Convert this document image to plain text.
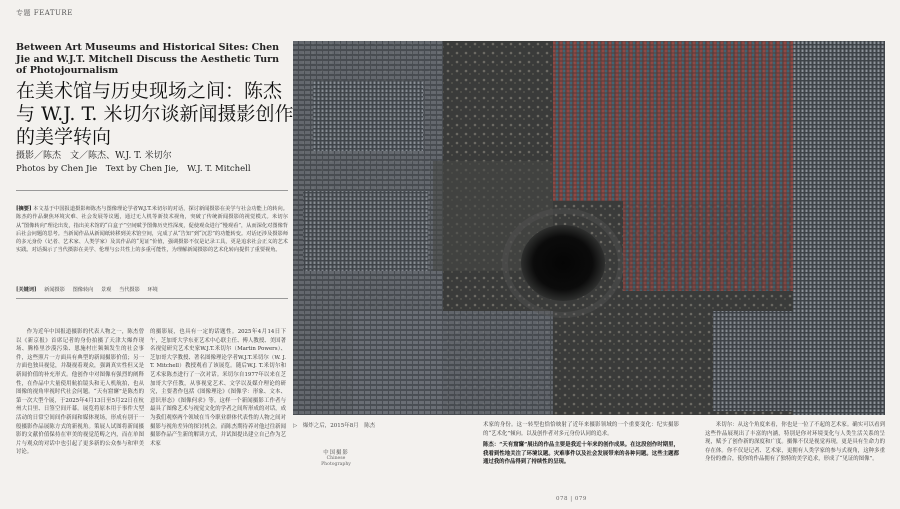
专题 FEATURE
Between Art Museums and Historical Sites: Chen Jie and W.J.T. Mitchell Discuss the Aesthetic Turn of Photojournalism
在美术馆与历史现场之间：陈杰与 W.J. T. 米切尔谈新闻摄影创作的美学转向
摄影／陈杰　文／陈杰、W.J. T. 米切尔
Photos by Chen Jie　Text by Chen Jie,　W.J. T. Mitchell
[摘要] 本文基于中国报道摄影师陈杰与图像理论学者W.J.T.米切尔的对话，探讨新闻摄影在美学与社会功能上的转向。陈杰的作品聚焦环境灾难、社会发展等议题，通过无人机等新技术视角，突破了传统新闻摄影的视觉模式。米切尔从“图像转向”理论出发，指出美术馆的“白盒子”空间赋予图像历史性深度，促使观众进行“慢观看”，从而深化对图像背后社会问题的思考。当新闻作品从新闻纸转移到美术馆空间，完成了从“告知”到“沉思”的功能转变。对话还涉及摄影师的多元身份（记者、艺术家、人类学家）及其作品的“见证”价值，强调摄影不仅是记录工具，更是追求社会正义的艺术实践。对话揭示了当代摄影在美学、伦理与公共性上的多重可能性，为理解新闻摄影的艺术化转向提供了重要视角。
[关键词] 新闻摄影 图像转向 景观 当代摄影 环境
作为近年中国报道摄影的代表人物之一，陈杰曾以《新京报》首席记者的身份拍摄了天津大爆炸现场、腾格里沙漠污染、恩施村庄频频发生的社会事件，这些照片一方面具有典型的新闻摄影价值；另一方面也独具视觉，并凝视着观众，强调真实性但又是新闻价值的补充形式。他创作中对图像有强烈的阐释性，在作品中大量使用航拍镜头和无人机航拍，也从图像的视角审视时代社会问题。“天有窟窿”是陈杰的第一次大型个展，于2025年4月13日至5月22日在杭州大目里、日签空间开幕。展览将原本用于事件大型活动的日常空间间作新闻和媒体现场，形成有别于一般摄影作品展陈方式的新视角。策展人试图将新闻摄影的文献价值保持在审美的视觉范畴之内，而在单图片与观众的对话中也引起了更多新的公众参与和审美讨论。
的摄影展，也具有一定的话题性。2025年4月14日下午，芝加哥大学东亚艺术中心联主任、傅人教授、美国著名视觉研究艺术史家W.J.T.米切尔（Martin Powers）、芝加哥大学教授、著名图像理论学者W.J.T.米切尔（W. J. T. Mitchell）教授观看了该展览。随后W.J. T.米切尔和艺术家陈杰进行了一次对话。米切尔自1977年以来在芝加哥大学任教，从事视觉艺术、文学以及媒介理论的研究，主要著作包括《图像理论》《图像学：形象、文本、意识形态》《图像何求》等。这样一个新闻摄影工作者与最具了图像艺术与视觉文化的学者之间所形成的对话，成为我们观察两个领域在当今职业群体代表性的人物之间对摄影与视角差异的探讨机会。而陈杰期待养对他过往新闻摄影作品产生新的解读方式，并试图提出建立自己作为艺术家
▷　爆炸之后，2015年8月　陈杰
中国摄影
Chinese
Photography
术家的身份。这一转型也恰恰映射了近年来摄影领域的一个重要变化：纪实摄影的“艺术化”倾向。以及创作者对多元身份认同的追求。
陈杰：“天有窟窿”展出的作品主要是我近十年来的创作成果。在这段创作时期里，我看到性地关注了环境议题。灾难事件以及社会发展带来的各种问题。这些主题都通过我的作品得到了持续性的呈现。
米切尔：从这个角度来看，你也是一位了不起的艺术家。确实可以看到这些作品展现出了丰富的内涵，特别是你对环境变化与人类生活关系的呈现，赋予了创作新的深度和广度。摄像不仅是视觉再现，更是具有生命力的存在体。你不仅是记者、艺术家，更拥有人类学家的参与式视角，这种多重身份的叠合，使你的作品拥有了独特的美学追求，形成了“见证的图像”。
078 | 079
